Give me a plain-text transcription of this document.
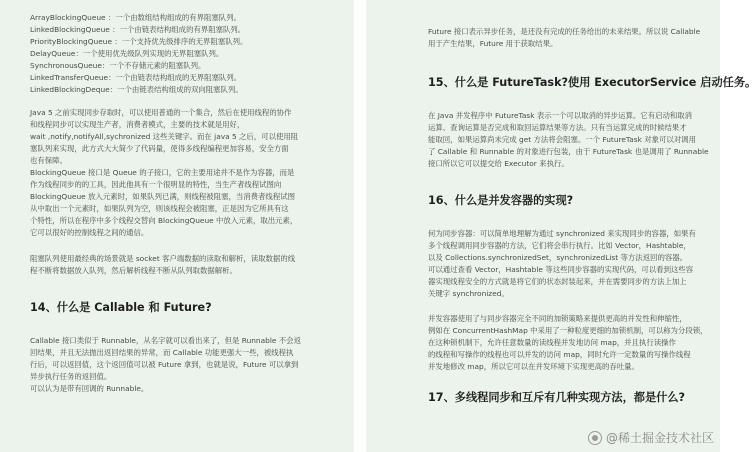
ArrayBlockingQueue ：一个由数组结构组成的有界阻塞队列。
LinkedBlockingQueue ：一个由链表结构组成的有界阻塞队列。
PriorityBlockingQueue ：一个支持优先级排序的无界阻塞队列。
DelayQueue：一个使用优先级队列实现的无界阻塞队列。
SynchronousQueue：一个不存储元素的阻塞队列。
LinkedTransferQueue：一个由链表结构组成的无界阻塞队列。
LinkedBlockingDeque：一个由链表结构组成的双向阻塞队列。
Java 5 之前实现同步存取时，可以使用普通的一个集合，然后在使用线程的协作
和线程同步可以实现生产者，消费者模式，主要的技术就是用好，
wait ,notify,notifyAll,sychronized 这些关键字。而在 java 5 之后，可以使用阻
塞队列来实现，此方式大大简少了代码量，使得多线程编程更加容易，安全方面
也有保障。
BlockingQueue 接口是 Queue 的子接口，它的主要用途并不是作为容器，而是
作为线程同步的的工具，因此他具有一个很明显的特性，当生产者线程试图向
BlockingQueue 放入元素时，如果队列已满，则线程被阻塞，当消费者线程试图
从中取出一个元素时，如果队列为空，则该线程会被阻塞，正是因为它所具有这
个特性，所以在程序中多个线程交替向 BlockingQueue 中放入元素，取出元素，
它可以很好的控制线程之间的通信。
阻塞队列使用最经典的场景就是 socket 客户端数据的读取和解析，读取数据的线
程不断将数据放入队列，然后解析线程不断从队列取数据解析。
14、什么是 Callable 和 Future?
Callable 接口类似于 Runnable，从名字就可以看出来了，但是 Runnable 不会返
回结果，并且无法抛出返回结果的异常，而 Callable 功能更强大一些，被线程执
行后，可以返回值，这个返回值可以被 Future 拿到，也就是说，Future 可以拿到
异步执行任务的返回值。
可以认为是带有回调的 Runnable。
Future 接口表示异步任务，是还没有完成的任务给出的未来结果。所以说 Callable
用于产生结果，Future 用于获取结果。
15、什么是 FutureTask?使用 ExecutorService 启动任务。
在 Java 并发程序中 FutureTask 表示一个可以取消的异步运算。它有启动和取消
运算、查询运算是否完成和取回运算结果等方法。只有当运算完成的时候结果才
能取回，如果运算尚未完成 get 方法将会阻塞。一个 FutureTask 对象可以对调用
了 Callable 和 Runnable 的对象进行包装，由于 FutureTask 也是调用了 Runnable
接口所以它可以提交给 Executor 来执行。
16、什么是并发容器的实现?
何为同步容器：可以简单地理解为通过 synchronized 来实现同步的容器，如果有
多个线程调用同步容器的方法，它们将会串行执行。比如 Vector，Hashtable，
以及 Collections.synchronizedSet，synchronizedList 等方法返回的容器。
可以通过查看 Vector，Hashtable 等这些同步容器的实现代码，可以看到这些容
器实现线程安全的方式就是将它们的状态封装起来，并在需要同步的方法上加上
关键字 synchronized。
并发容器使用了与同步容器完全不同的加锁策略来提供更高的并发性和伸缩性，
例如在 ConcurrentHashMap 中采用了一种粒度更细的加锁机制，可以称为分段锁，
在这种锁机制下，允许任意数量的读线程并发地访问 map，并且执行读操作
的线程和写操作的线程也可以并发的访问 map，同时允许一定数量的写操作线程
并发地修改 map，所以它可以在并发环境下实现更高的吞吐量。
17、多线程同步和互斥有几种实现方法，都是什么?
@稀土掘金技术社区
